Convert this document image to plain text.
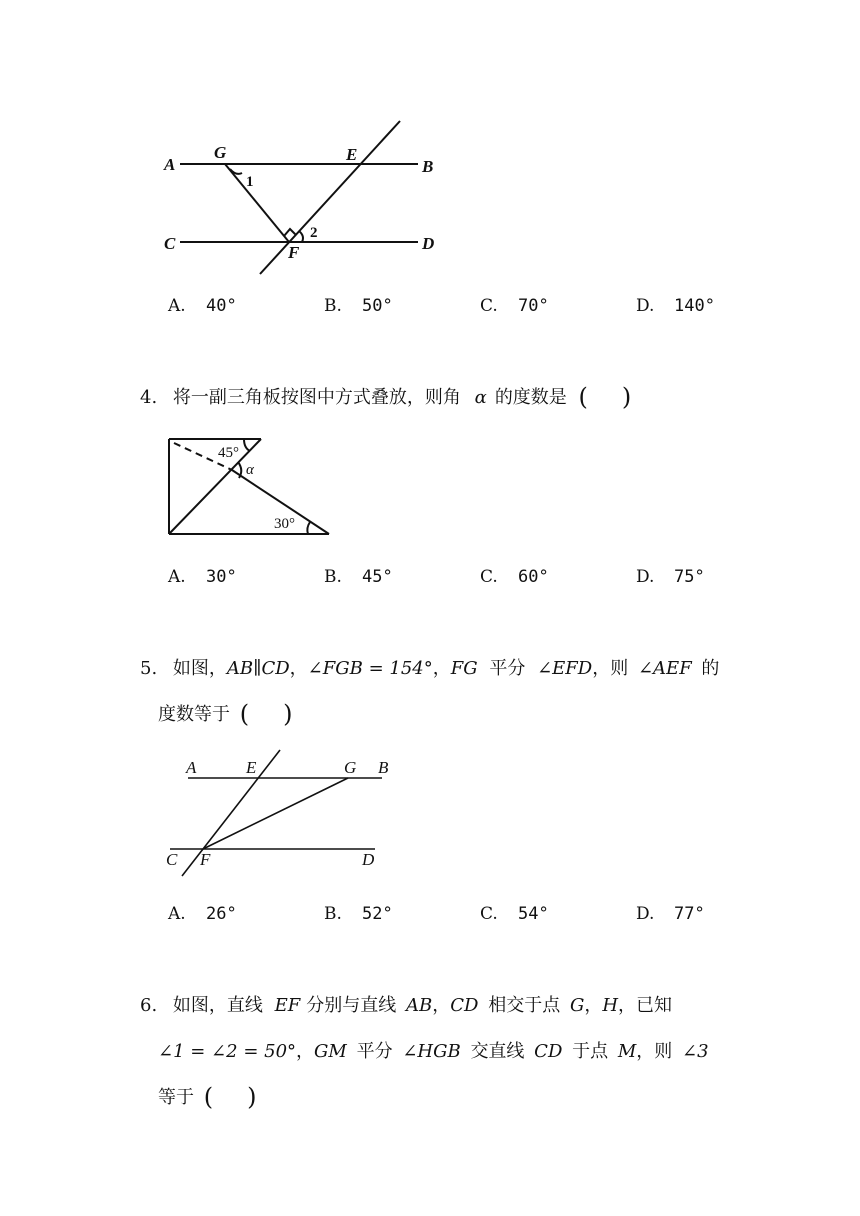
A
G	E
B
1
C
2
D
F
A. 40°	B. 50°	C. 70°	D. 140°
4. 将一副三角板按图中方式叠放，则角 α 的度数是 ( )
45°
α
30°
A. 30°	B. 45°	C. 60°	D. 75°
5. 如图，AB∥CD，∠FGB = 154°，FG 平分 ∠EFD，则 ∠AEF 的
度数等于 ( )
A	E	G B
C F	D
A. 26°	B. 52°	C. 54°	D. 77°
6. 如图，直线 EF 分别与直线 AB，CD 相交于点 G，H，已知
∠1 = ∠2 = 50°，GM 平分 ∠HGB 交直线 CD 于点 M，则 ∠3
等于 ( )
